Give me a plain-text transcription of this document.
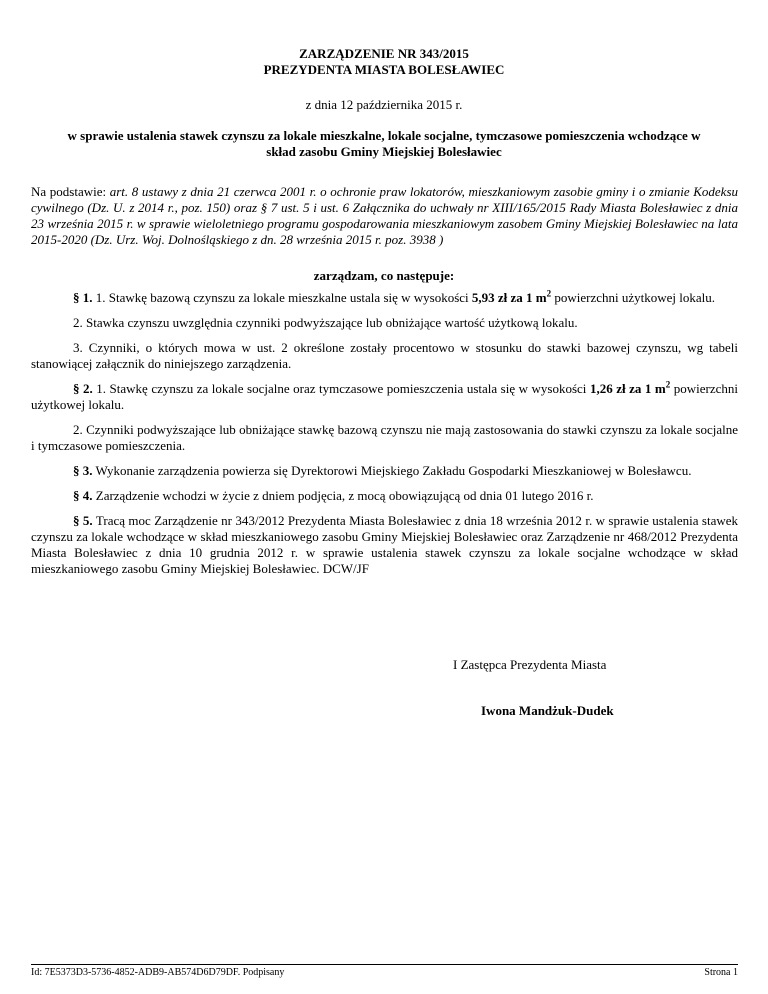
ZARZĄDZENIE NR 343/2015
PREZYDENTA MIASTA BOLESŁAWIEC
z dnia 12 października 2015 r.
w sprawie ustalenia stawek czynszu za lokale mieszkalne, lokale socjalne, tymczasowe pomieszczenia wchodzące w skład zasobu Gminy Miejskiej Bolesławiec
Na podstawie: art. 8 ustawy z dnia 21 czerwca 2001 r. o ochronie praw lokatorów, mieszkaniowym zasobie gminy i o zmianie Kodeksu cywilnego (Dz. U. z 2014 r., poz. 150) oraz § 7 ust. 5 i ust. 6 Załącznika do uchwały nr XIII/165/2015 Rady Miasta Bolesławiec z dnia 23 września 2015 r. w sprawie wieloletniego programu gospodarowania mieszkaniowym zasobem Gminy Miejskiej Bolesławiec na lata 2015-2020 (Dz. Urz. Woj. Dolnośląskiego z dn. 28 września 2015 r. poz. 3938 )
zarządzam, co następuje:

§ 1. 1. Stawkę bazową czynszu za lokale mieszkalne ustala się w wysokości 5,93 zł za 1 $m^2$ powierzchni użytkowej lokalu.

2. Stawka czynszu uwzględnia czynniki podwyższające lub obniżające wartość użytkową lokalu.

3. Czynniki, o których mowa w ust. 2 określone zostały procentowo w stosunku do stawki bazowej czynszu, wg tabeli stanowiącej załącznik do niniejszego zarządzenia.

§ 2. 1. Stawkę czynszu za lokale socjalne oraz tymczasowe pomieszczenia ustala się w wysokości 1,26 zł za 1 $m^2$ powierzchni użytkowej lokalu.

2. Czynniki podwyższające lub obniżające stawkę bazową czynszu nie mają zastosowania do stawki czynszu za lokale socjalne i tymczasowe pomieszczenia.

§ 3. Wykonanie zarządzenia powierza się Dyrektorowi Miejskiego Zakładu Gospodarki Mieszkaniowej w Bolesławcu.

§ 4. Zarządzenie wchodzi w życie z dniem podjęcia, z mocą obowiązującą od dnia 01 lutego 2016 r.

§ 5. Tracą moc Zarządzenie nr 343/2012 Prezydenta Miasta Bolesławiec z dnia 18 września 2012 r. w sprawie ustalenia stawek czynszu za lokale wchodzące w skład mieszkaniowego zasobu Gminy Miejskiej Bolesławiec oraz Zarządzenie nr 468/2012 Prezydenta Miasta Bolesławiec z dnia 10 grudnia 2012 r. w sprawie ustalenia stawek czynszu za lokale socjalne wchodzące w skład mieszkaniowego zasobu Gminy Miejskiej Bolesławiec. DCW/JF

I Zastępca Prezydenta Miasta
Iwona Mandżuk-Dudek
Id: 7E5373D3-5736-4852-ADB9-AB574D6D79DF. Podpisany	Strona 1
